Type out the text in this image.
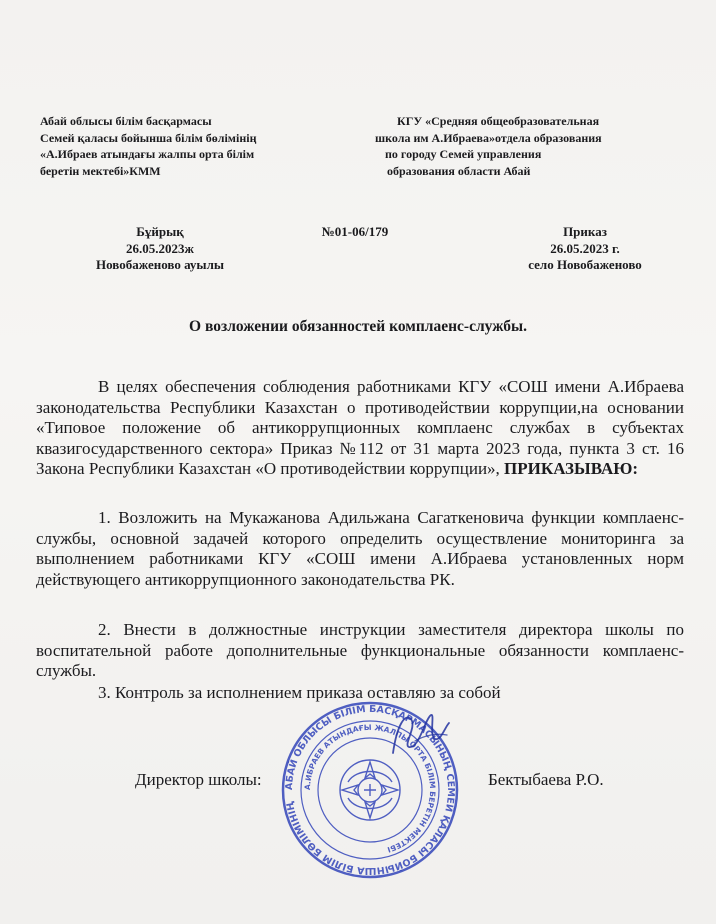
Абай облысы білім басқармасы
Семей қаласы бойынша білім бөлімінің
«А.Ибраев атындағы жалпы орта білім
беретін мектебі»КММ
КГУ «Средняя общеобразовательная
школа им А.Ибраева»отдела образования
по городу Семей управления
образования области Абай
Бұйрық
26.05.2023ж
Новобаженово ауылы
№01-06/179	Приказ
26.05.2023 г.
село Новобаженово
О возложении обязанностей комплаенс-службы.

В целях обеспечения соблюдения работниками КГУ «СОШ имени А.Ибраева законодательства Республики Казахстан о противодействии коррупции,на основании «Типовое положение об антикоррупционных комплаенс службах в субъектах квазигосударственного сектора» Приказ №112 от 31 марта 2023 года, пункта 3 ст. 16 Закона Республики Казахстан «О противодействии коррупции», ПРИКАЗЫВАЮ:

1. Возложить на Мукажанова Адильжана Сагаткеновича функции комплаенс-службы, основной задачей которого определить осуществление мониторинга за выполнением работниками КГУ «СОШ имени А.Ибраева установленных норм действующего антикоррупционного законодательства РК.

2. Внести в должностные инструкции заместителя директора школы по воспитательной работе дополнительные функциональные обязанности комплаенс-службы.

3. Контроль за исполнением приказа оставляю за собой

АБАЙ ОБЛЫСЫ БІЛІМ БАСҚАРМАСЫНЫҢ СЕМЕЙ ҚАЛАСЫ БОЙЫНША БІЛІМ БӨЛІМІНІҢ
А.ИБРАЕВ АТЫНДАҒЫ ЖАЛПЫ ОРТА БІЛІМ БЕРЕТІН МЕКТЕБІ
Директор школы:	Бектыбаева Р.О.
